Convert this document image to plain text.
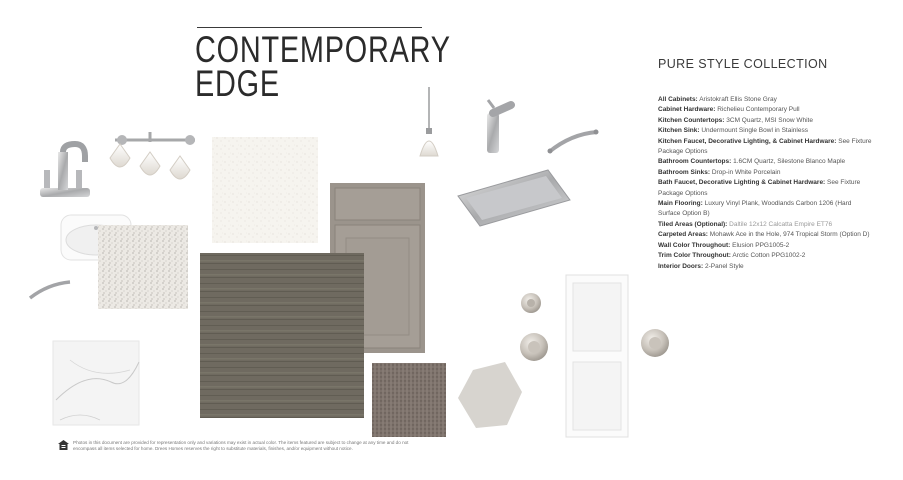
CONTEMPORARY
EDGE	PURE STYLE COLLECTION

All Cabinets: Aristokraft Ellis Stone Gray

Cabinet Hardware: Richelieu Contemporary Pull

Kitchen Countertops: 3CM Quartz, MSI Snow White

Kitchen Sink: Undermount Single Bowl in Stainless

Kitchen Faucet, Decorative Lighting, & Cabinet Hardware: See Fixture Package Options

Bathroom Countertops: 1.6CM Quartz, Silestone Blanco Maple

Bathroom Sinks: Drop-in White Porcelain

Bath Faucet, Decorative Lighting & Cabinet Hardware: See Fixture Package Options

Main Flooring: Luxury Vinyl Plank, Woodlands Carbon 1206 (Hard Surface Option B)

Tiled Areas (Optional): Daltile 12x12 Calcatta Empire ET76

Carpeted Areas: Mohawk Ace in the Hole, 974 Tropical Storm (Option D)

Wall Color Throughout: Elusion PPG1005-2

Trim Color Throughout: Arctic Cotton PPG1002-2

Interior Doors: 2-Panel Style

Photos in this document are provided for representation only and variations may exist in actual color. The items featured are subject to change at any time and do not encompass all items selected for home. Drees Homes reserves the right to substitute materials, finishes, and/or equipment without notice.
